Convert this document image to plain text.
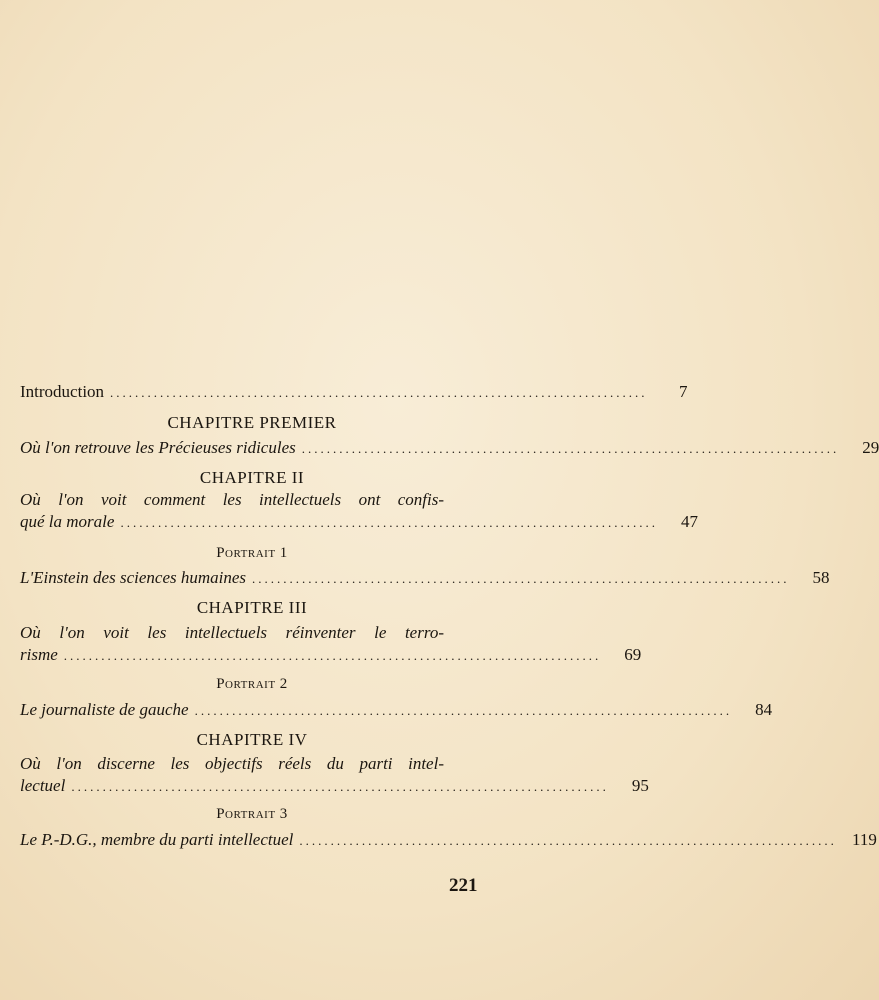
Introduction ......................................................................................	7
CHAPITRE PREMIER
Où l'on retrouve les Précieuses ridicules ......................................................................................	29
CHAPITRE II
Où l'on voit comment les intellectuels ont confis-
qué la morale ......................................................................................	47
Portrait 1
L'Einstein des sciences humaines ......................................................................................	58
CHAPITRE III
Où l'on voit les intellectuels réinventer le terro-
risme ......................................................................................	69
Portrait 2
Le journaliste de gauche ......................................................................................	84
CHAPITRE IV
Où l'on discerne les objectifs réels du parti intel-
lectuel ......................................................................................	95
Portrait 3
Le P.-D.G., membre du parti intellectuel ...................................................................................... 119
221
